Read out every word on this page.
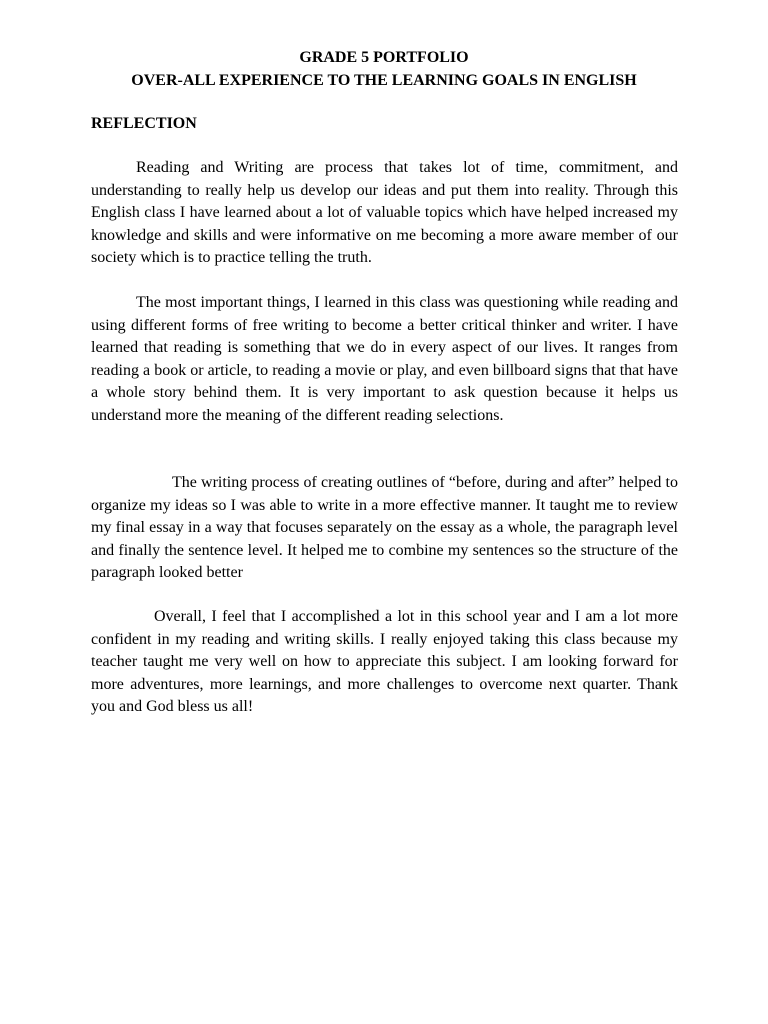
GRADE 5 PORTFOLIO
OVER-ALL EXPERIENCE TO THE LEARNING GOALS IN ENGLISH
REFLECTION

Reading and Writing are process that takes lot of time, commitment, and understanding to really help us develop our ideas and put them into reality. Through this English class I have learned about a lot of valuable topics which have helped increased my knowledge and skills and were informative on me becoming a more aware member of our society which is to practice telling the truth.

The most important things, I learned in this class was questioning while reading and using different forms of free writing to become a better critical thinker and writer. I have learned that reading is something that we do in every aspect of our lives. It ranges from reading a book or article, to reading a movie or play, and even billboard signs that that have a whole story behind them. It is very important to ask question because it helps us understand more the meaning of the different reading selections.

The writing process of creating outlines of “before, during and after” helped to organize my ideas so I was able to write in a more effective manner. It taught me to review my final essay in a way that focuses separately on the essay as a whole, the paragraph level and finally the sentence level. It helped me to combine my sentences so the structure of the paragraph looked better

Overall, I feel that I accomplished a lot in this school year and I am a lot more confident in my reading and writing skills. I really enjoyed taking this class because my teacher taught me very well on how to appreciate this subject. I am looking forward for more adventures, more learnings, and more challenges to overcome next quarter. Thank you and God bless us all!
